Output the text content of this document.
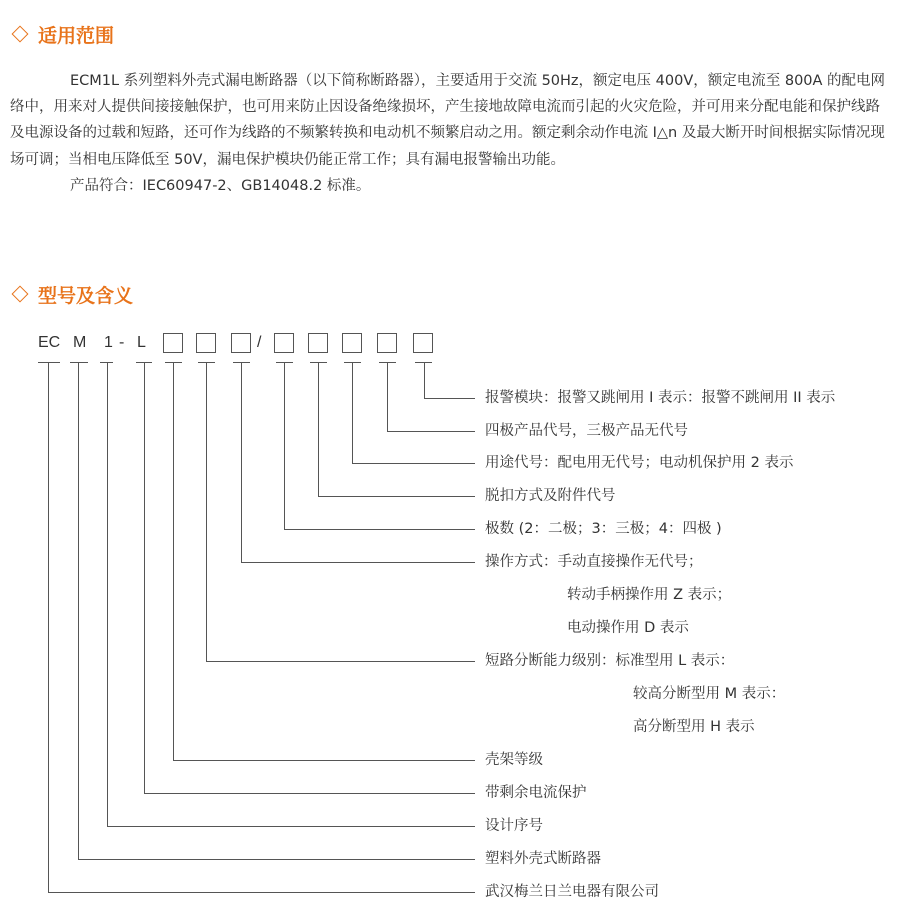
适用范围

ECM1L 系列塑料外壳式漏电断路器（以下简称断路器），主要适用于交流 50Hz，额定电压 400V，额定电流至 800A 的配电网络中，用来对人提供间接接触保护，也可用来防止因设备绝缘损坏，产生接地故障电流而引起的火灾危险，并可用来分配电能和保护线路及电源设备的过载和短路，还可作为线路的不频繁转换和电动机不频繁启动之用。额定剩余动作电流 I△n 及最大断开时间根据实际情况现场可调；当相电压降低至 50V，漏电保护模块仍能正常工作；具有漏电报警输出功能。

产品符合：IEC60947-2、GB14048.2 标准。

型号及含义
EC M 1 - L	/
报警模块：报警又跳闸用 I 表示：报警不跳闸用 II 表示
四极产品代号，三极产品无代号
用途代号：配电用无代号；电动机保护用 2 表示
脱扣方式及附件代号
极数 (2：二极；3：三极；4：四极 )
操作方式：手动直接操作无代号；
转动手柄操作用 Z 表示；
电动操作用 D 表示
短路分断能力级别：标准型用 L 表示：
较高分断型用 M 表示：
高分断型用 H 表示
壳架等级
带剩余电流保护
设计序号
塑料外壳式断路器
武汉梅兰日兰电器有限公司
